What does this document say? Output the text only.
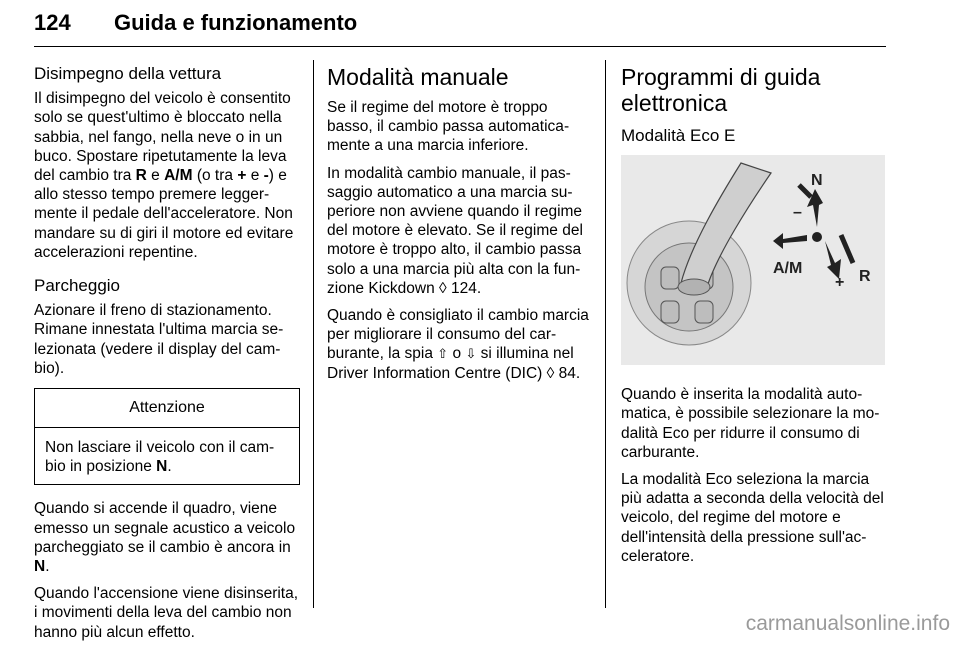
124 Guida e funzionamento
Disimpegno della vettura

Il disimpegno del veicolo è consentito solo se quest'ultimo è bloccato nella sabbia, nel fango, nella neve o in un buco. Spostare ripetutamente la leva del cambio tra R e A/M (o tra + e -) e allo stesso tempo premere leggermente il pedale dell'acceleratore. Non mandare su di giri il motore ed evitare accelerazioni repentine.

Parcheggio

Azionare il freno di stazionamento. Rimane innestata l'ultima marcia selezionata (vedere il display del cambio).

Attenzione
Non lasciare il veicolo con il cambio in posizione N.

Quando si accende il quadro, viene emesso un segnale acustico a veicolo parcheggiato se il cambio è ancora in N.

Quando l'accensione viene disinserita, i movimenti della leva del cambio non hanno più alcun effetto.

Modalità manuale

Se il regime del motore è troppo basso, il cambio passa automaticamente a una marcia inferiore.

In modalità cambio manuale, il passaggio automatico a una marcia superiore non avviene quando il regime del motore è elevato. Se il regime del motore è troppo alto, il cambio passa solo a una marcia più alta con la funzione Kickdown ◊ 124.

Quando è consigliato il cambio marcia per migliorare il consumo del carburante, la spia ⇧ o ⇩ si illumina nel Driver Information Centre (DIC) ◊ 84.

Programmi di guida elettronica
Modalità Eco E
N
–
A/M
+ R

Quando è inserita la modalità automatica, è possibile selezionare la modalità Eco per ridurre il consumo di carburante.

La modalità Eco seleziona la marcia più adatta a seconda della velocità del veicolo, del regime del motore e dell'intensità della pressione sull'acceleratore.

carmanualsonline.info
